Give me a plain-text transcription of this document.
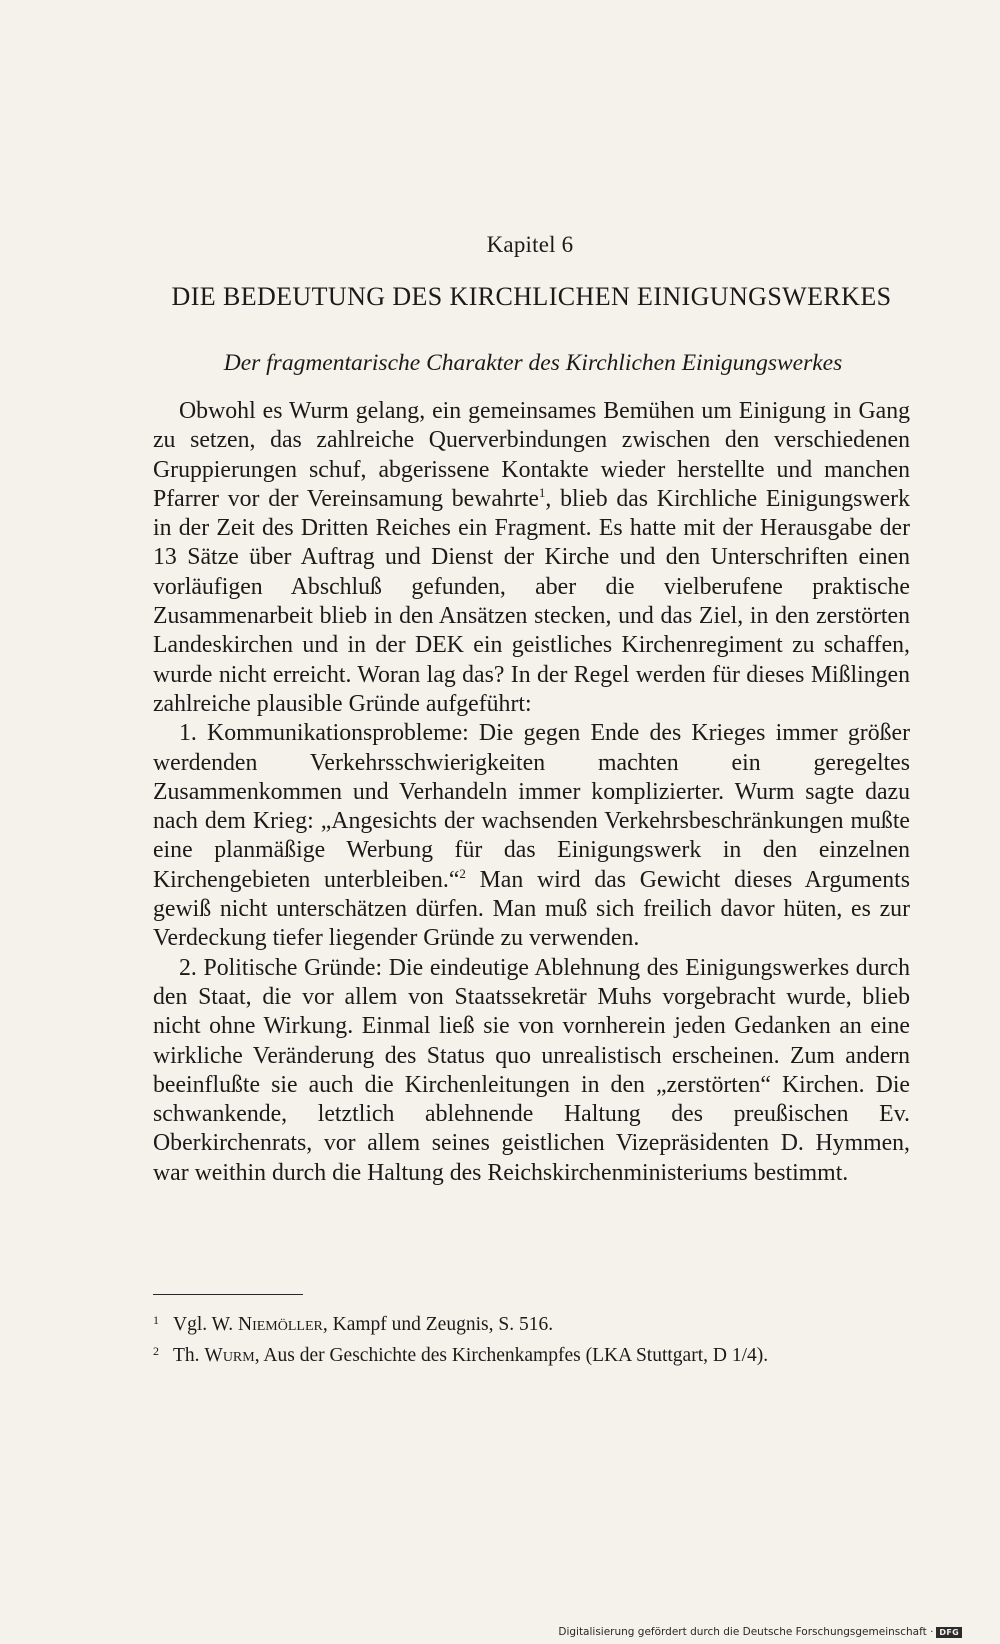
Kapitel 6
DIE BEDEUTUNG DES KIRCHLICHEN EINIGUNGSWERKES
Der fragmentarische Charakter des Kirchlichen Einigungswerkes

Obwohl es Wurm gelang, ein gemeinsames Bemühen um Einigung in Gang zu setzen, das zahlreiche Querverbindungen zwischen den verschiedenen Gruppierungen schuf, abgerissene Kontakte wieder herstellte und manchen Pfarrer vor der Vereinsamung bewahrte$^1$, blieb das Kirchliche Einigungswerk in der Zeit des Dritten Reiches ein Fragment. Es hatte mit der Herausgabe der 13 Sätze über Auftrag und Dienst der Kirche und den Unterschriften einen vorläufigen Abschluß gefunden, aber die vielberufene praktische Zusammenarbeit blieb in den Ansätzen stecken, und das Ziel, in den zerstörten Landeskirchen und in der DEK ein geistliches Kirchenregiment zu schaffen, wurde nicht erreicht. Woran lag das? In der Regel werden für dieses Mißlingen zahlreiche plausible Gründe aufgeführt:

1. Kommunikationsprobleme: Die gegen Ende des Krieges immer größer werdenden Verkehrsschwierigkeiten machten ein geregeltes Zusammenkommen und Verhandeln immer komplizierter. Wurm sagte dazu nach dem Krieg: „Angesichts der wachsenden Verkehrsbeschränkungen mußte eine planmäßige Werbung für das Einigungswerk in den einzelnen Kirchengebieten unterbleiben.“$^2$ Man wird das Gewicht dieses Arguments gewiß nicht unterschätzen dürfen. Man muß sich freilich davor hüten, es zur Verdeckung tiefer liegender Gründe zu verwenden.

2. Politische Gründe: Die eindeutige Ablehnung des Einigungswerkes durch den Staat, die vor allem von Staatssekretär Muhs vorgebracht wurde, blieb nicht ohne Wirkung. Einmal ließ sie von vornherein jeden Gedanken an eine wirkliche Veränderung des Status quo unrealistisch erscheinen. Zum andern beeinflußte sie auch die Kirchenleitungen in den „zerstörten“ Kirchen. Die schwankende, letztlich ablehnende Haltung des preußischen Ev. Oberkirchenrats, vor allem seines geistlichen Vizepräsidenten D. Hymmen, war weithin durch die Haltung des Reichskirchenministeriums bestimmt.

1 Vgl. W. Niemöller, Kampf und Zeugnis, S. 516.
2 Th. Wurm, Aus der Geschichte des Kirchenkampfes (LKA Stuttgart, D 1/4).
Digitalisierung gefördert durch die Deutsche Forschungsgemeinschaft · DFG
